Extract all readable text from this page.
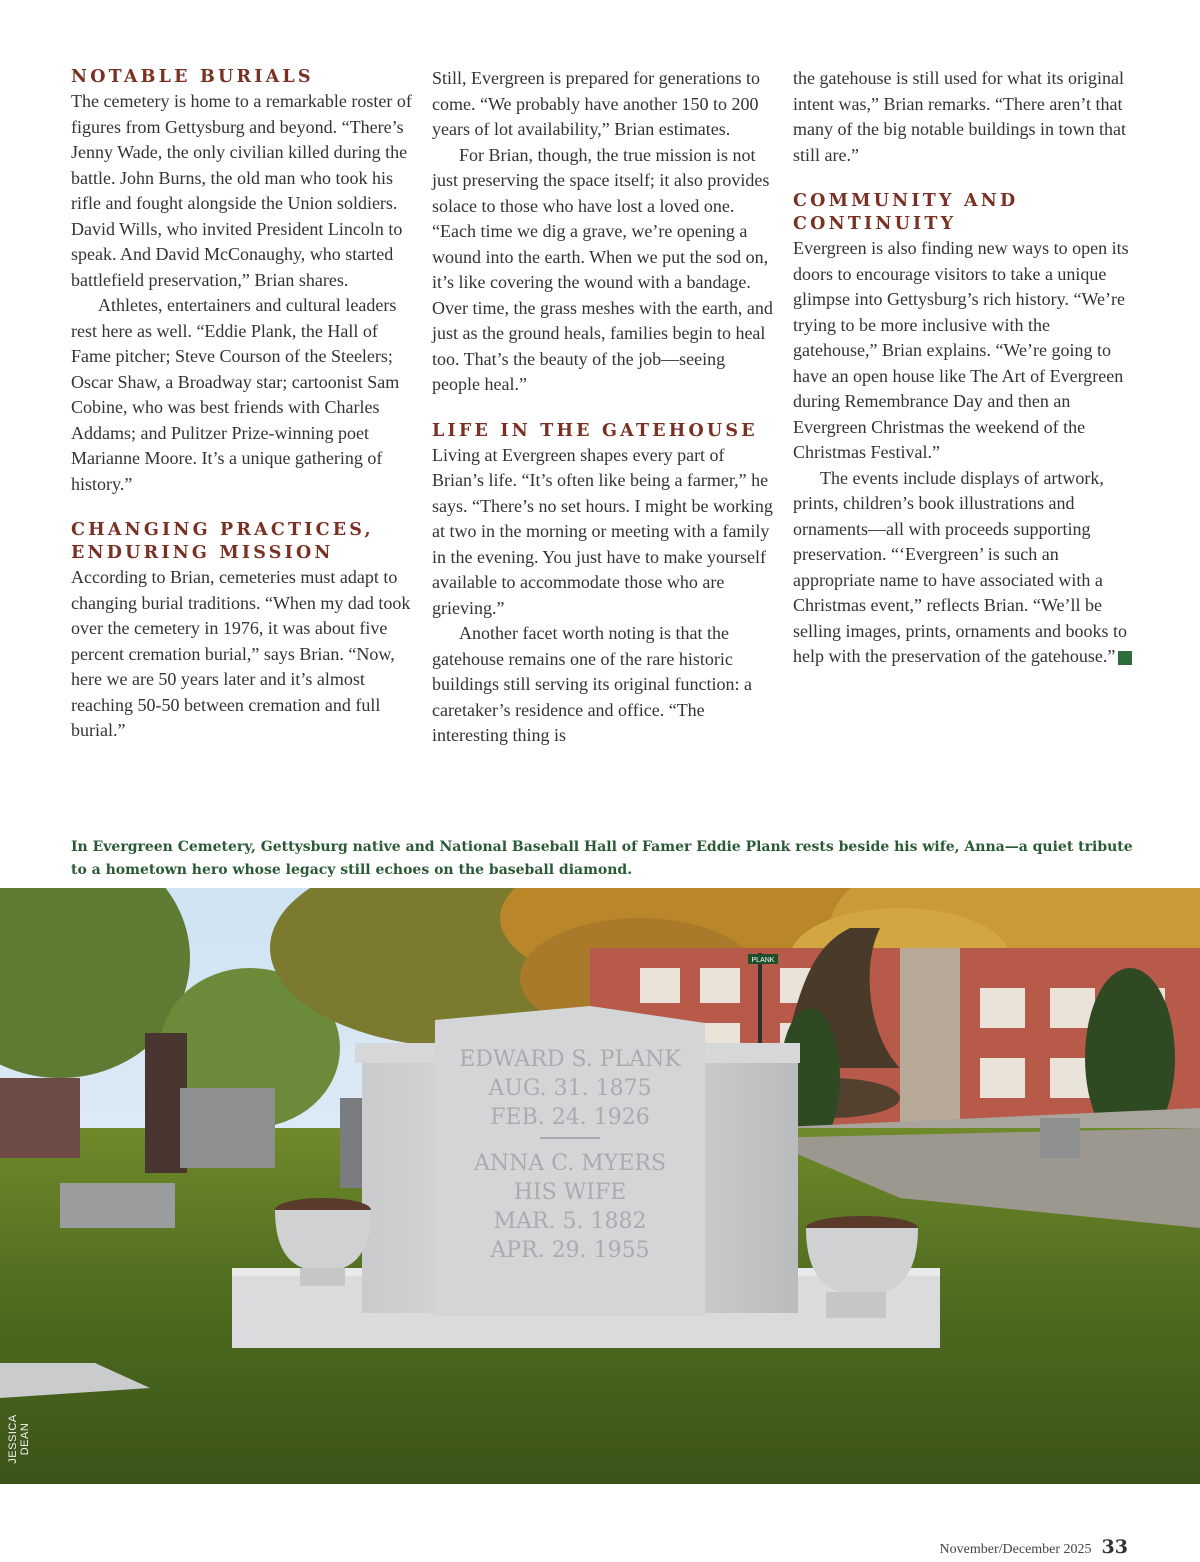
NOTABLE BURIALS

The cemetery is home to a remarkable roster of figures from Gettysburg and beyond. “There’s Jenny Wade, the only civilian killed during the battle. John Burns, the old man who took his rifle and fought alongside the Union soldiers. David Wills, who invited President Lincoln to speak. And David McConaughy, who started battlefield preservation,” Brian shares.

Athletes, entertainers and cultural leaders rest here as well. “Eddie Plank, the Hall of Fame pitcher; Steve Courson of the Steelers; Oscar Shaw, a Broadway star; cartoonist Sam Cobine, who was best friends with Charles Addams; and Pulitzer Prize-winning poet Marianne Moore. It’s a unique gathering of history.”

CHANGING PRACTICES, ENDURING MISSION

According to Brian, cemeteries must adapt to changing burial traditions. “When my dad took over the cemetery in 1976, it was about five percent cremation burial,” says Brian. “Now, here we are 50 years later and it’s almost reaching 50-50 between cremation and full burial.”

Still, Evergreen is prepared for generations to come. “We probably have another 150 to 200 years of lot availability,” Brian estimates.

For Brian, though, the true mission is not just preserving the space itself; it also provides solace to those who have lost a loved one. “Each time we dig a grave, we’re opening a wound into the earth. When we put the sod on, it’s like covering the wound with a bandage. Over time, the grass meshes with the earth, and just as the ground heals, families begin to heal too. That’s the beauty of the job—seeing people heal.”

LIFE IN THE GATEHOUSE

Living at Evergreen shapes every part of Brian’s life. “It’s often like being a farmer,” he says. “There’s no set hours. I might be working at two in the morning or meeting with a family in the evening. You just have to make yourself available to accommodate those who are grieving.”

Another facet worth noting is that the gatehouse remains one of the rare historic buildings still serving its original function: a caretaker’s residence and office. “The interesting thing is

the gatehouse is still used for what its original intent was,” Brian remarks. “There aren’t that many of the big notable buildings in town that still are.”

COMMUNITY AND CONTINUITY

Evergreen is also finding new ways to open its doors to encourage visitors to take a unique glimpse into Gettysburg’s rich history. “We’re trying to be more inclusive with the gatehouse,” Brian explains. “We’re going to have an open house like The Art of Evergreen during Remembrance Day and then an Evergreen Christmas the weekend of the Christmas Festival.”

The events include displays of artwork, prints, children’s book illustrations and ornaments—all with proceeds supporting preservation. “‘Evergreen’ is such an appropriate name to have associated with a Christmas event,” reflects Brian. “We’ll be selling images, prints, ornaments and books to help with the preservation of the gatehouse.”	G

In Evergreen Cemetery, Gettysburg native and National Baseball Hall of Famer Eddie Plank rests beside his wife, Anna—a quiet tribute to a hometown hero whose legacy still echoes on the baseball diamond.

PLANK
EDWARD S. PLANK
AUG. 31. 1875
FEB. 24. 1926
ANNA C. MYERS
HIS WIFE
MAR. 5. 1882
APR. 29. 1955
JESSICA DEAN
November/December 2025 33
